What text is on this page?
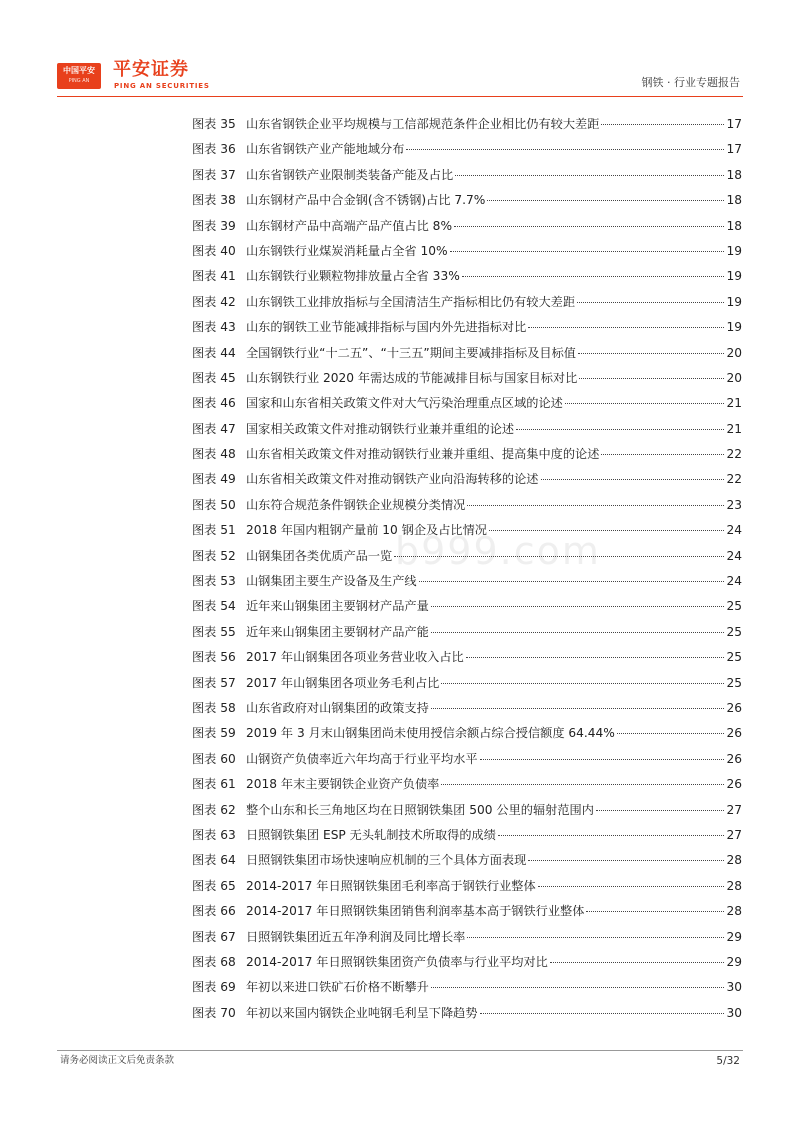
中国平安
PING AN
平安证券
PING AN SECURITIES	钢铁 · 行业专题报告
b999.com
图表 35 山东省钢铁企业平均规模与工信部规范条件企业相比仍有较大差距	17
图表 36 山东省钢铁产业产能地域分布	17
图表 37 山东省钢铁产业限制类装备产能及占比	18
图表 38 山东钢材产品中合金钢(含不锈钢)占比 7.7%	18
图表 39 山东钢材产品中高端产品产值占比 8%	18
图表 40 山东钢铁行业煤炭消耗量占全省 10%	19
图表 41 山东钢铁行业颗粒物排放量占全省 33%	19
图表 42 山东钢铁工业排放指标与全国清洁生产指标相比仍有较大差距	19
图表 43 山东的钢铁工业节能减排指标与国内外先进指标对比	19
图表 44 全国钢铁行业“十二五”、“十三五”期间主要减排指标及目标值	20
图表 45 山东钢铁行业 2020 年需达成的节能减排目标与国家目标对比	20
图表 46 国家和山东省相关政策文件对大气污染治理重点区域的论述	21
图表 47 国家相关政策文件对推动钢铁行业兼并重组的论述	21
图表 48 山东省相关政策文件对推动钢铁行业兼并重组、提高集中度的论述	22
图表 49 山东省相关政策文件对推动钢铁产业向沿海转移的论述	22
图表 50 山东符合规范条件钢铁企业规模分类情况	23
图表 51 2018 年国内粗钢产量前 10 钢企及占比情况	24
图表 52 山钢集团各类优质产品一览	24
图表 53 山钢集团主要生产设备及生产线	24
图表 54 近年来山钢集团主要钢材产品产量	25
图表 55 近年来山钢集团主要钢材产品产能	25
图表 56 2017 年山钢集团各项业务营业收入占比	25
图表 57 2017 年山钢集团各项业务毛利占比	25
图表 58 山东省政府对山钢集团的政策支持	26
图表 59 2019 年 3 月末山钢集团尚未使用授信余额占综合授信额度 64.44%	26
图表 60 山钢资产负债率近六年均高于行业平均水平	26
图表 61 2018 年末主要钢铁企业资产负债率	26
图表 62 整个山东和长三角地区均在日照钢铁集团 500 公里的辐射范围内	27
图表 63 日照钢铁集团 ESP 无头轧制技术所取得的成绩	27
图表 64 日照钢铁集团市场快速响应机制的三个具体方面表现	28
图表 65 2014-2017 年日照钢铁集团毛利率高于钢铁行业整体	28
图表 66 2014-2017 年日照钢铁集团销售利润率基本高于钢铁行业整体	28
图表 67 日照钢铁集团近五年净利润及同比增长率	29
图表 68 2014-2017 年日照钢铁集团资产负债率与行业平均对比	29
图表 69 年初以来进口铁矿石价格不断攀升	30
图表 70 年初以来国内钢铁企业吨钢毛利呈下降趋势	30
请务必阅读正文后免责条款	5/32
